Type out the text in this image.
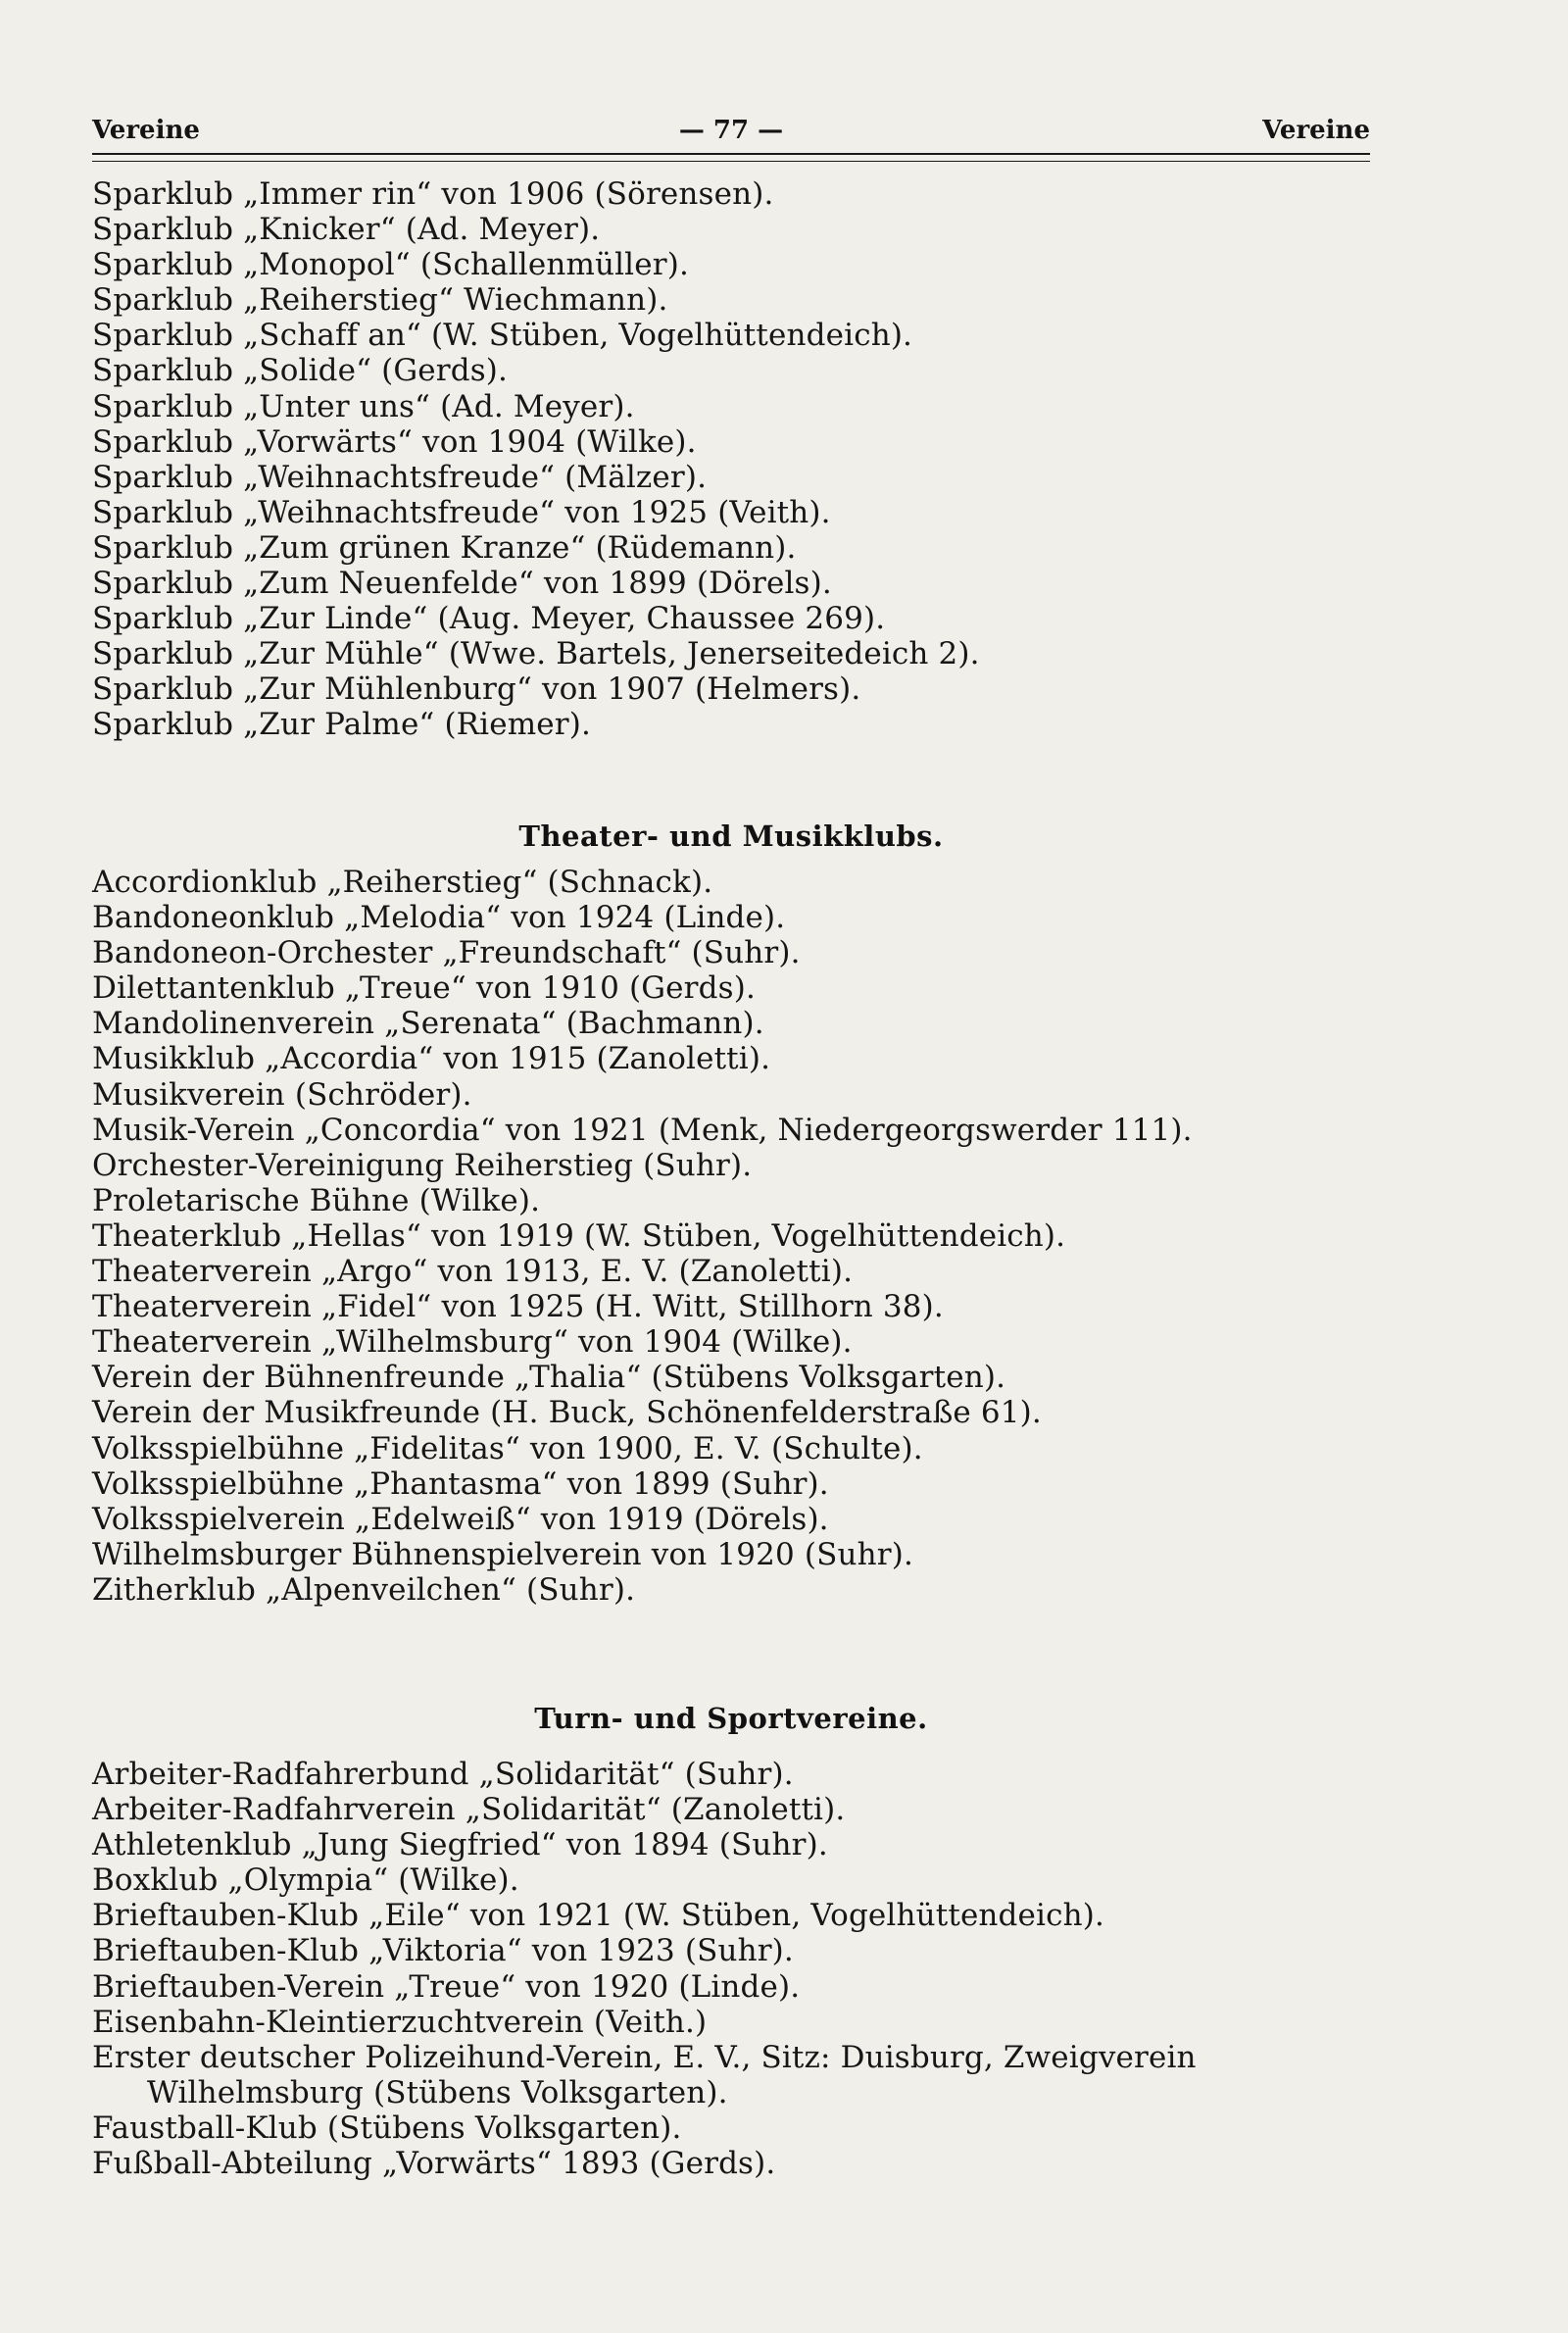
Vereine	— 77 —	Vereine
Sparklub „Immer rin“ von 1906 (Sörensen).
Sparklub „Knicker“ (Ad. Meyer).
Sparklub „Monopol“ (Schallenmüller).
Sparklub „Reiherstieg“ Wiechmann).
Sparklub „Schaff an“ (W. Stüben, Vogelhüttendeich).
Sparklub „Solide“ (Gerds).
Sparklub „Unter uns“ (Ad. Meyer).
Sparklub „Vorwärts“ von 1904 (Wilke).
Sparklub „Weihnachtsfreude“ (Mälzer).
Sparklub „Weihnachtsfreude“ von 1925 (Veith).
Sparklub „Zum grünen Kranze“ (Rüdemann).
Sparklub „Zum Neuenfelde“ von 1899 (Dörels).
Sparklub „Zur Linde“ (Aug. Meyer, Chaussee 269).
Sparklub „Zur Mühle“ (Wwe. Bartels, Jenerseitedeich 2).
Sparklub „Zur Mühlenburg“ von 1907 (Helmers).
Sparklub „Zur Palme“ (Riemer).
Theater- und Musikklubs.
Accordionklub „Reiherstieg“ (Schnack).
Bandoneonklub „Melodia“ von 1924 (Linde).
Bandoneon-Orchester „Freundschaft“ (Suhr).
Dilettantenklub „Treue“ von 1910 (Gerds).
Mandolinenverein „Serenata“ (Bachmann).
Musikklub „Accordia“ von 1915 (Zanoletti).
Musikverein (Schröder).
Musik-Verein „Concordia“ von 1921 (Menk, Niedergeorgswerder 111).
Orchester-Vereinigung Reiherstieg (Suhr).
Proletarische Bühne (Wilke).
Theaterklub „Hellas“ von 1919 (W. Stüben, Vogelhüttendeich).
Theaterverein „Argo“ von 1913, E. V. (Zanoletti).
Theaterverein „Fidel“ von 1925 (H. Witt, Stillhorn 38).
Theaterverein „Wilhelmsburg“ von 1904 (Wilke).
Verein der Bühnenfreunde „Thalia“ (Stübens Volksgarten).
Verein der Musikfreunde (H. Buck, Schönenfelderstraße 61).
Volksspielbühne „Fidelitas“ von 1900, E. V. (Schulte).
Volksspielbühne „Phantasma“ von 1899 (Suhr).
Volksspielverein „Edelweiß“ von 1919 (Dörels).
Wilhelmsburger Bühnenspielverein von 1920 (Suhr).
Zitherklub „Alpenveilchen“ (Suhr).
Turn- und Sportvereine.
Arbeiter-Radfahrerbund „Solidarität“ (Suhr).
Arbeiter-Radfahrverein „Solidarität“ (Zanoletti).
Athletenklub „Jung Siegfried“ von 1894 (Suhr).
Boxklub „Olympia“ (Wilke).
Brieftauben-Klub „Eile“ von 1921 (W. Stüben, Vogelhüttendeich).
Brieftauben-Klub „Viktoria“ von 1923 (Suhr).
Brieftauben-Verein „Treue“ von 1920 (Linde).
Eisenbahn-Kleintierzuchtverein (Veith.)
Erster deutscher Polizeihund-Verein, E. V., Sitz: Duisburg, Zweigverein Wilhelmsburg (Stübens Volksgarten).
Faustball-Klub (Stübens Volksgarten).
Fußball-Abteilung „Vorwärts“ 1893 (Gerds).
